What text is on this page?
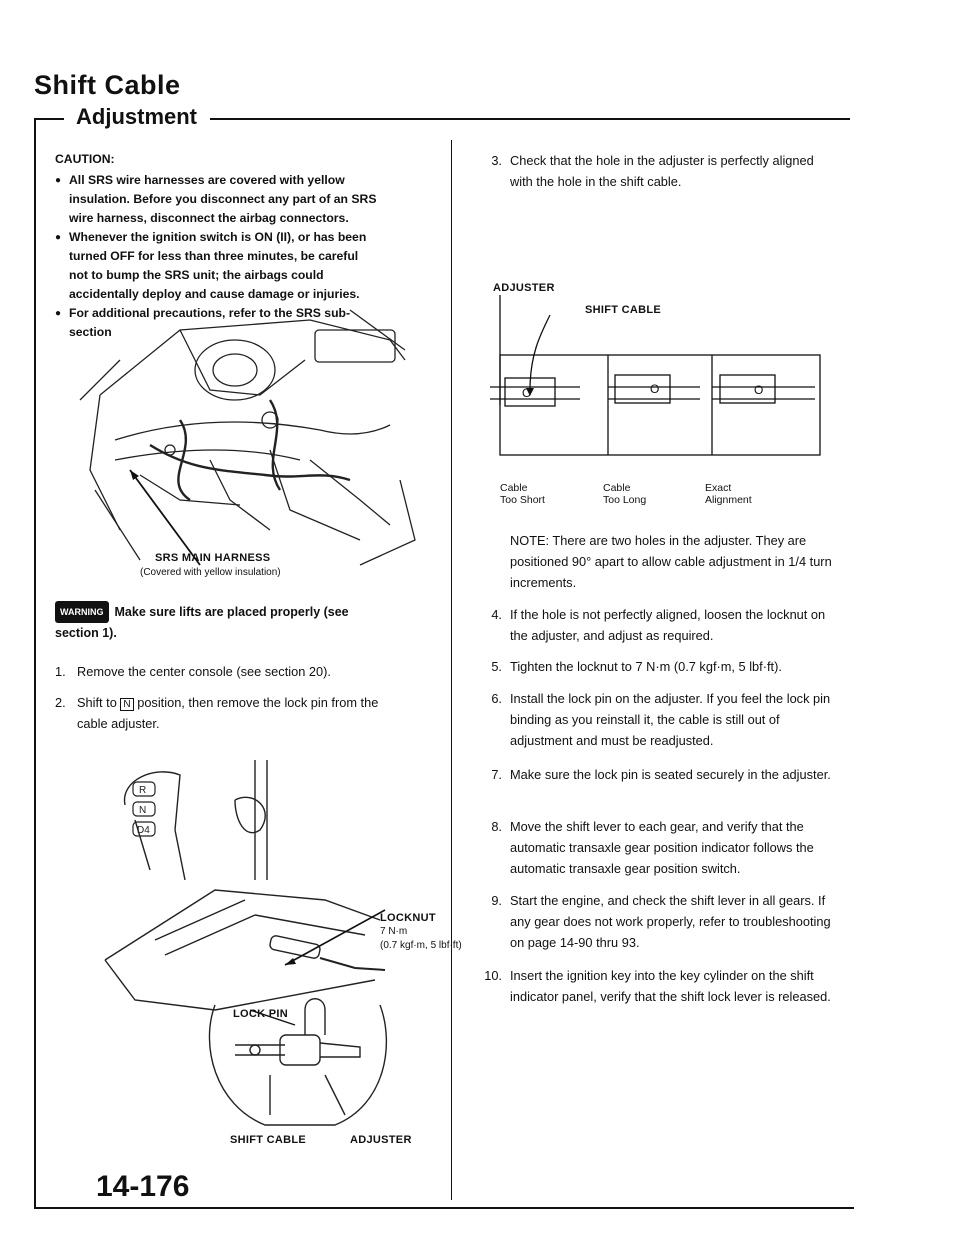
Shift Cable
Adjustment
CAUTION:
● All SRS wire harnesses are covered with yellow insulation. Before you disconnect any part of an SRS wire harness, disconnect the airbag connectors.
● Whenever the ignition switch is ON (II), or has been turned OFF for less than three minutes, be careful not to bump the SRS unit; the airbags could accidentally deploy and cause damage or injuries.
● For additional precautions, refer to the SRS sub-section
SRS MAIN HARNESS
(Covered with yellow insulation)
WARNING Make sure lifts are placed properly (see section 1).
1. Remove the center console (see section 20).
2. Shift to N position, then remove the lock pin from the cable adjuster.
R
N
D4
LOCKNUT
7 N·m
(0.7 kgf·m, 5 lbf·ft)
LOCK PIN
SHIFT CABLE	ADJUSTER
3. Check that the hole in the adjuster is perfectly aligned with the hole in the shift cable.
ADJUSTER
SHIFT CABLE
O	O	O
Cable
Too Short
Cable
Too Long
Exact
Alignment
NOTE: There are two holes in the adjuster. They are positioned 90° apart to allow cable adjustment in 1/4 turn increments.
4. If the hole is not perfectly aligned, loosen the locknut on the adjuster, and adjust as required.
5. Tighten the locknut to 7 N·m (0.7 kgf·m, 5 lbf·ft).
6. Install the lock pin on the adjuster. If you feel the lock pin binding as you reinstall it, the cable is still out of adjustment and must be readjusted.
7. Make sure the lock pin is seated securely in the adjuster.
8. Move the shift lever to each gear, and verify that the automatic transaxle gear position indicator follows the automatic transaxle gear position switch.
9. Start the engine, and check the shift lever in all gears. If any gear does not work properly, refer to troubleshooting on page 14-90 thru 93.
10. Insert the ignition key into the key cylinder on the shift indicator panel, verify that the shift lock lever is released.
14-176
